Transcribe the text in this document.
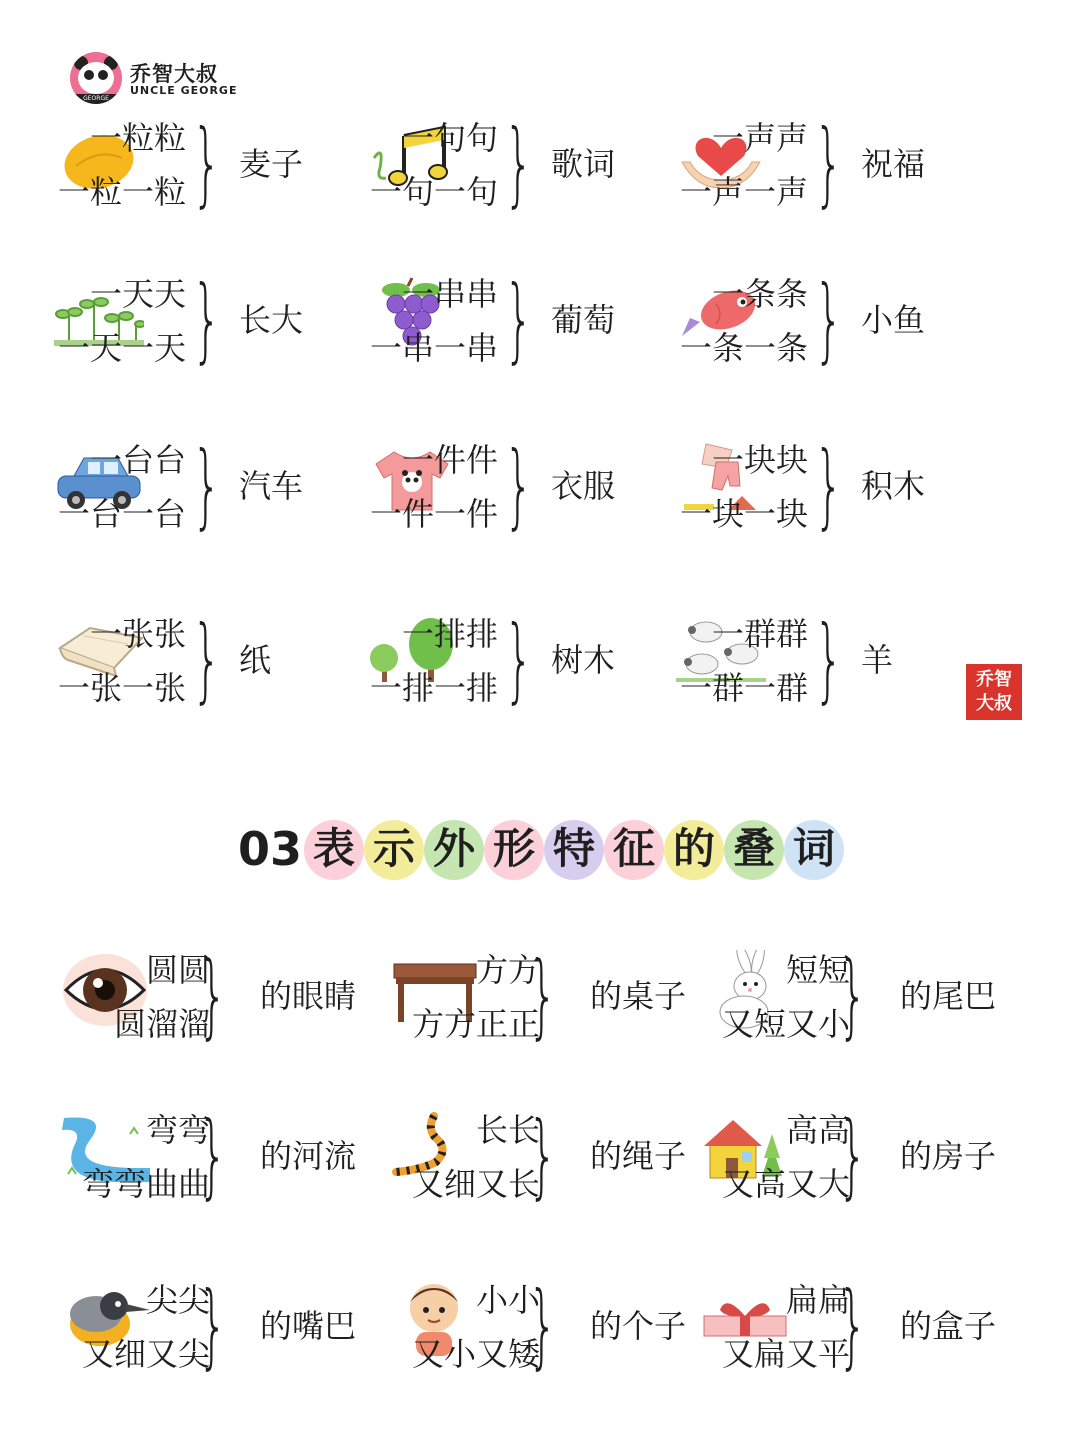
GEORGE
乔智大叔
UNCLE GEORGE
一粒粒
一粒一粒 } 麦子
一句句
一句一句 } 歌词
一声声
一声一声 } 祝福
一天天
一天一天 } 长大
一串串
一串一串 } 葡萄
一条条
一条一条 } 小鱼
一台台
一台一台 } 汽车
一件件
一件一件 } 衣服
一块块
一块一块 } 积木
一张张
一张一张 } 纸
一排排
一排一排 } 树木
一群群
一群一群 } 羊
乔智
大叔
03 表 示 外 形 特 征 的 叠 词
圆圆
圆溜溜
} 的眼睛
方方
方方正正
} 的桌子
短短
又短又小
} 的尾巴
弯弯
弯弯曲曲
} 的河流
长长
又细又长
} 的绳子
高高
又高又大
} 的房子
尖尖
又细又尖
} 的嘴巴
小小
又小又矮
} 的个子
扁扁
又扁又平
} 的盒子
